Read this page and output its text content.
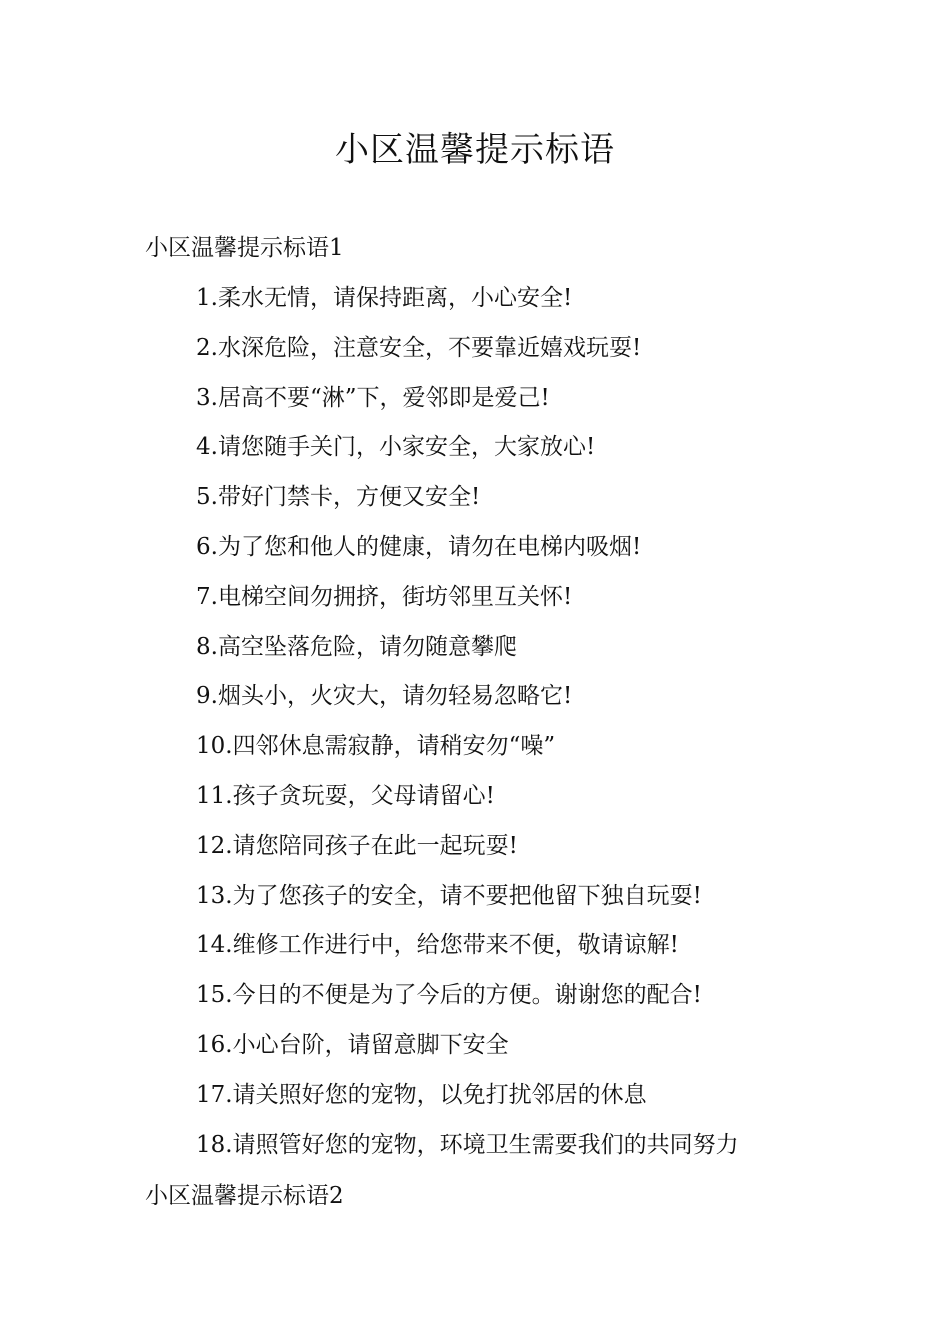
小区温馨提示标语

小区温馨提示标语1

1.柔水无情，请保持距离，小心安全!
2.水深危险，注意安全，不要靠近嬉戏玩耍!
3.居高不要“淋”下，爱邻即是爱己!
4.请您随手关门，小家安全，大家放心!
5.带好门禁卡，方便又安全!
6.为了您和他人的健康，请勿在电梯内吸烟!
7.电梯空间勿拥挤，街坊邻里互关怀!
8.高空坠落危险，请勿随意攀爬
9.烟头小，火灾大，请勿轻易忽略它!
10.四邻休息需寂静，请稍安勿“噪”
11.孩子贪玩耍，父母请留心!
12.请您陪同孩子在此一起玩耍!
13.为了您孩子的安全，请不要把他留下独自玩耍!
14.维修工作进行中，给您带来不便，敬请谅解!
15.今日的不便是为了今后的方便。谢谢您的配合!
16.小心台阶，请留意脚下安全
17.请关照好您的宠物，以免打扰邻居的休息
18.请照管好您的宠物，环境卫生需要我们的共同努力

小区温馨提示标语2
